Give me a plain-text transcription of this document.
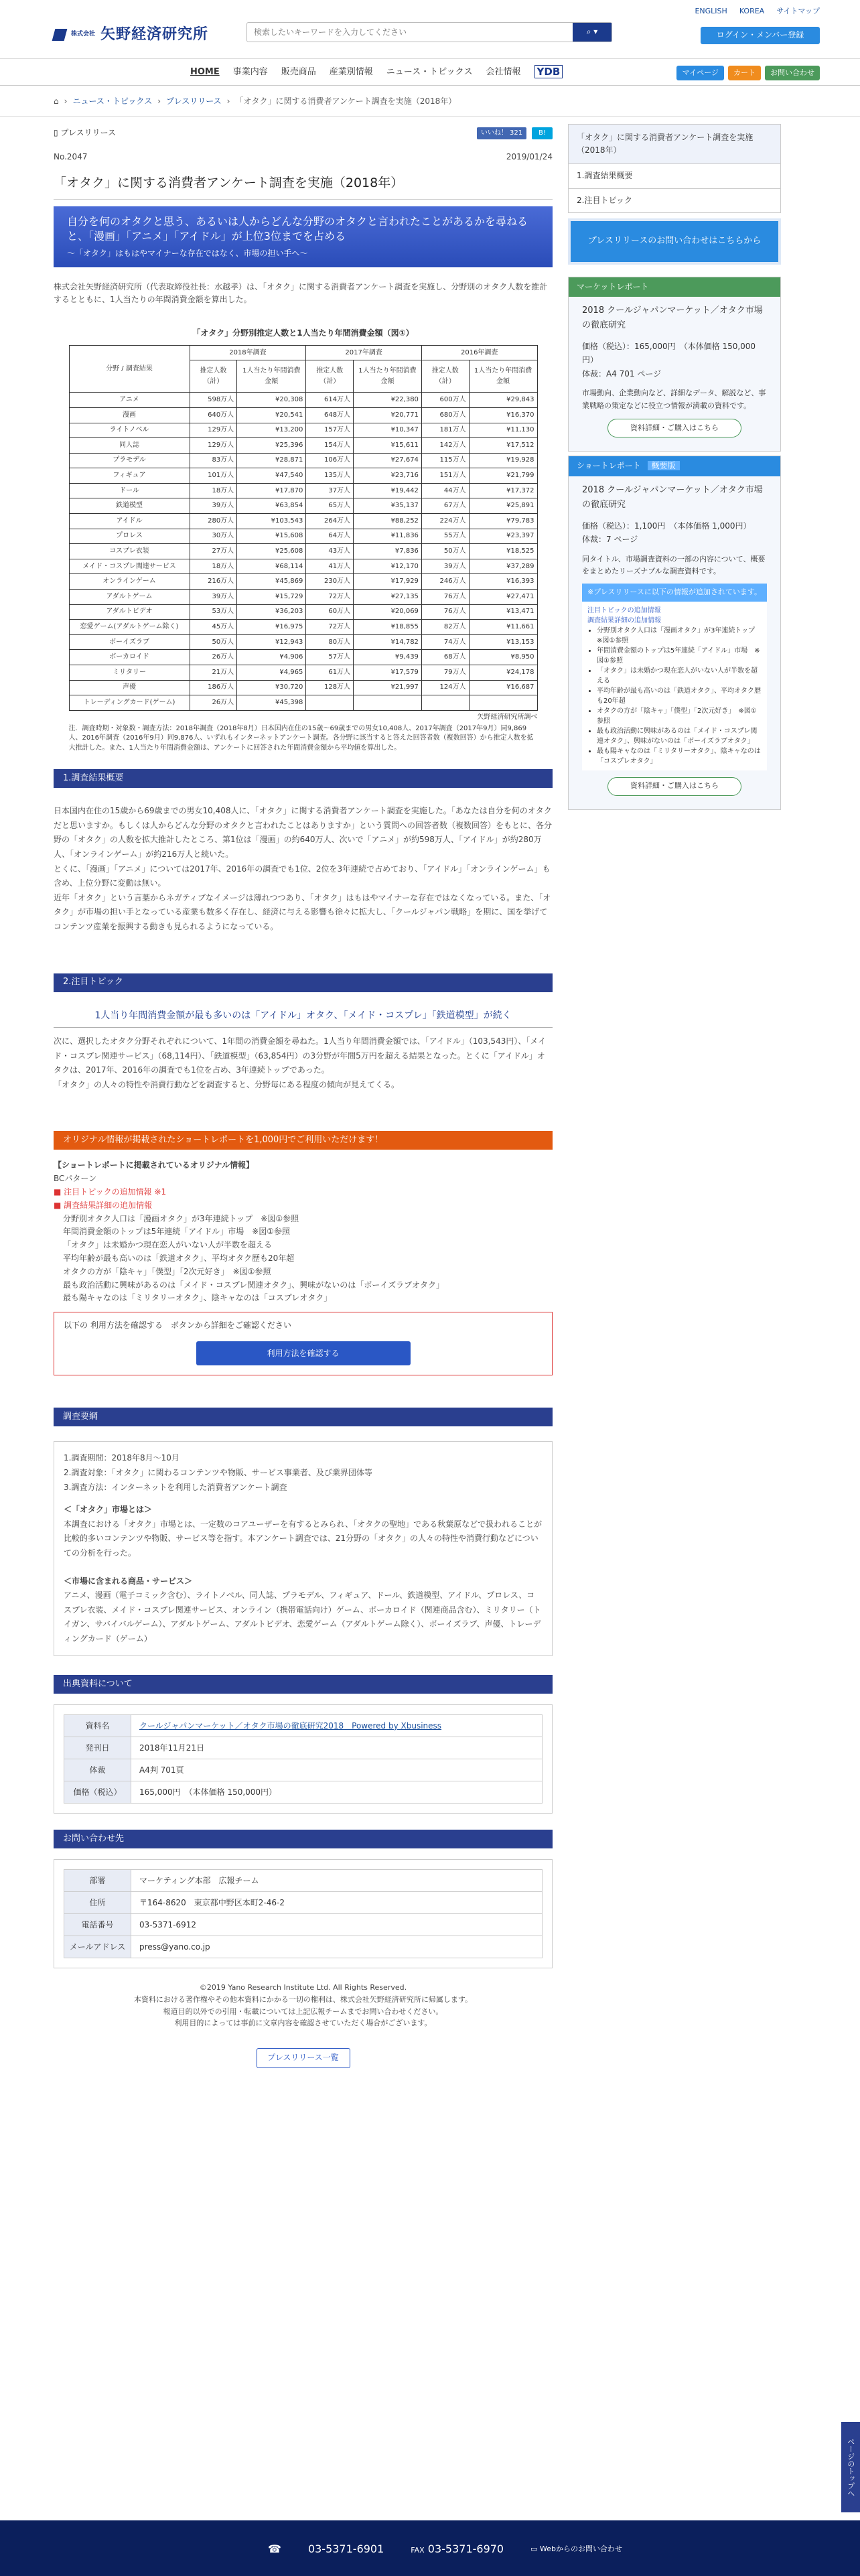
株式会社 矢野経済研究所
検索したいキーワードを入力してください	⌕ ▾
ENGLISH KOREA サイトマップ
ログイン・メンバー登録
HOME 事業内容 販売商品 産業別情報 ニュース・トピックス 会社情報 YDB	マイページ	カート	お問い合わせ
⌂ › ニュース・トピックス › プレスリリース › 「オタク」に関する消費者アンケート調査を実施（2018年）
▯ プレスリリース	いいね！ 321	B!
No.2047	2019/01/24
「オタク」に関する消費者アンケート調査を実施（2018年）
自分を何のオタクと思う、あるいは人からどんな分野のオタクと言われたことがあるかを尋ねると、「漫画」「アニメ」「アイドル」が上位3位までを占める
～「オタク」はもはやマイナーな存在ではなく、市場の担い手へ～

株式会社矢野経済研究所（代表取締役社長：水越孝）は、「オタク」に関する消費者アンケート調査を実施し、分野別のオタク人数を推計するとともに、1人当たりの年間消費金額を算出した。

「オタク」分野別推定人数と1人当たり年間消費金額（図①）
分野 / 調査結果	2018年調査		2017年調査		2016年調査	
	推定人数（計）	1人当たり年間消費金額	推定人数（計）	1人当たり年間消費金額	推定人数（計）	1人当たり年間消費金額
アニメ	598万人	¥20,308	614万人	¥22,380	600万人	¥29,843
漫画	640万人	¥20,541	648万人	¥20,771	680万人	¥16,370
ライトノベル	129万人	¥13,200	157万人	¥10,347	181万人	¥11,130
同人誌	129万人	¥25,396	154万人	¥15,611	142万人	¥17,512
プラモデル	83万人	¥28,871	106万人	¥27,674	115万人	¥19,928
フィギュア	101万人	¥47,540	135万人	¥23,716	151万人	¥21,799
ドール	18万人	¥17,870	37万人	¥19,442	44万人	¥17,372
鉄道模型	39万人	¥63,854	65万人	¥35,137	67万人	¥25,891
アイドル	280万人	¥103,543	264万人	¥88,252	224万人	¥79,783
プロレス	30万人	¥15,608	64万人	¥11,836	55万人	¥23,397
コスプレ衣装	27万人	¥25,608	43万人	¥7,836	50万人	¥18,525
メイド・コスプレ関連サービス	18万人	¥68,114	41万人	¥12,170	39万人	¥37,289
オンラインゲーム	216万人	¥45,869	230万人	¥17,929	246万人	¥16,393
アダルトゲーム	39万人	¥15,729	72万人	¥27,135	76万人	¥27,471
アダルトビデオ	53万人	¥36,203	60万人	¥20,069	76万人	¥13,471
恋愛ゲーム(アダルトゲーム除く)	45万人	¥16,975	72万人	¥18,855	82万人	¥11,661
ボーイズラブ	50万人	¥12,943	80万人	¥14,782	74万人	¥13,153
ボーカロイド	26万人	¥4,906	57万人	¥9,439	68万人	¥8,950
ミリタリー	21万人	¥4,965	61万人	¥17,579	79万人	¥24,178
声優	186万人	¥30,720	128万人	¥21,997	124万人	¥16,687
トレーディングカード(ゲーム)	26万人	¥45,398				
矢野経済研究所調べ
注．調査時期・対象数・調査方法：2018年調査（2018年8月）日本国内在住の15歳～69歳までの男女10,408人、2017年調査（2017年9月）同9,869人、2016年調査（2016年9月）同9,876人、いずれもインターネットアンケート調査。各分野に該当すると答えた回答者数（複数回答）から推定人数を拡大推計した。また、1人当たり年間消費金額は、アンケートに回答された年間消費金額から平均値を算出した。
1.調査結果概要

日本国内在住の15歳から69歳までの男女10,408人に、「オタク」に関する消費者アンケート調査を実施した。「あなたは自分を何のオタクだと思いますか。もしくは人からどんな分野のオタクと言われたことはありますか」という質問への回答者数（複数回答）をもとに、各分野の「オタク」の人数を拡大推計したところ、第1位は「漫画」の約640万人、次いで「アニメ」が約598万人、「アイドル」が約280万人、「オンラインゲーム」が約216万人と続いた。

とくに、「漫画」「アニメ」については2017年、2016年の調査でも1位、2位を3年連続で占めており、「アイドル」「オンラインゲーム」も含め、上位分野に変動は無い。

近年「オタク」という言葉からネガティブなイメージは薄れつつあり、「オタク」はもはやマイナーな存在ではなくなっている。また、「オタク」が市場の担い手となっている産業も数多く存在し、経済に与える影響も徐々に拡大し、「クールジャパン戦略」を期に、国を挙げてコンテンツ産業を振興する動きも見られるようになっている。

2.注目トピック
1人当り年間消費金額が最も多いのは「アイドル」オタク、「メイド・コスプレ」「鉄道模型」が続く

次に、選択したオタク分野それぞれについて、1年間の消費金額を尋ねた。1人当り年間消費金額では、「アイドル」（103,543円）、「メイド・コスプレ関連サービス」（68,114円）、「鉄道模型」（63,854円）の3分野が年間5万円を超える結果となった。とくに「アイドル」オタクは、2017年、2016年の調査でも1位を占め、3年連続トップであった。

「オタク」の人々の特性や消費行動などを調査すると、分野毎にある程度の傾向が見えてくる。

オリジナル情報が掲載されたショートレポートを1,000円でご利用いただけます！
【ショートレポートに掲載されているオリジナル情報】
BCパターン
■ 注目トピックの追加情報 ※1
■ 調査結果詳細の追加情報
分野別オタク人口は「漫画オタク」が3年連続トップ　※図①参照
年間消費金額のトップは5年連続「アイドル」市場　※図①参照
「オタク」は未婚かつ現在恋人がいない人が半数を超える
平均年齢が最も高いのは「鉄道オタク」、平均オタク歴も20年超
オタクの方が「陰キャ」「僕型」「2次元好き」　※図①参照
最も政治活動に興味があるのは「メイド・コスプレ関連オタク」、興味がないのは「ボーイズラブオタク」
最も陽キャなのは「ミリタリーオタク」、陰キャなのは「コスプレオタク」
以下の 利用方法を確認する　ボタンから詳細をご確認ください
利用方法を確認する
調査要綱
1.調査期間：2018年8月～10月
2.調査対象：「オタク」に関わるコンテンツや物販、サービス事業者、及び業界団体等
3.調査方法：インターネットを利用した消費者アンケート調査
＜「オタク」市場とは＞

本調査における「オタク」市場とは、一定数のコアユーザーを有するとみられ、「オタクの聖地」である秋葉原などで扱われることが比較的多いコンテンツや物販、サービス等を指す。本アンケート調査では、21分野の「オタク」の人々の特性や消費行動などについての分析を行った。

＜市場に含まれる商品・サービス＞

アニメ、漫画（電子コミック含む）、ライトノベル、同人誌、プラモデル、フィギュア、ドール、鉄道模型、アイドル、プロレス、コスプレ衣装、メイド・コスプレ関連サービス、オンライン（携帯電話向け）ゲーム、ボーカロイド（関連商品含む）、ミリタリー（トイガン、サバイバルゲーム）、アダルトゲーム、アダルトビデオ、恋愛ゲーム（アダルトゲーム除く）、ボーイズラブ、声優、トレーディングカード（ゲーム）

出典資料について
資料名	クールジャパンマーケット／オタク市場の徹底研究2018　Powered by Xbusiness
発刊日	2018年11月21日
体裁	A4判 701頁
価格（税込）	165,000円　（本体価格 150,000円）
お問い合わせ先
部署	マーケティング本部　広報チーム
住所	〒164-8620　東京都中野区本町2-46-2
電話番号	03-5371-6912
メールアドレス	press@yano.co.jp
©2019 Yano Research Institute Ltd. All Rights Reserved.
本資料における著作権やその他本資料にかかる一切の権利は、株式会社矢野経済研究所に帰属します。
報道目的以外での引用・転載については上記広報チームまでお問い合わせください。
利用目的によっては事前に文章内容を確認させていただく場合がございます。
プレスリリース一覧
「オタク」に関する消費者アンケート調査を実施（2018年）
1.調査結果概要
2.注目トピック
プレスリリースのお問い合わせはこちらから
マーケットレポート
2018 クールジャパンマーケット／オタク市場の徹底研究
価格（税込）：165,000円　（本体価格 150,000円）
体裁：A4 701 ページ
市場動向、企業動向など、詳細なデータ、解説など、事業戦略の策定などに役立つ情報が満載の資料です。
資料詳細・ご購入はこちら
ショートレポート 概要版
2018 クールジャパンマーケット／オタク市場の徹底研究
価格（税込）：1,100円　（本体価格 1,000円）
体裁：7 ページ
同タイトル、市場調査資料の一部の内容について、概要をまとめたリーズナブルな調査資料です。
※プレスリリースに以下の情報が追加されています。
注目トピックの追加情報
調査結果詳細の追加情報
• 分野別オタク人口は「漫画オタク」が3年連続トップ　※図①参照
• 年間消費金額のトップは5年連続「アイドル」市場　※図①参照
• 「オタク」は未婚かつ現在恋人がいない人が半数を超える
• 平均年齢が最も高いのは「鉄道オタク」、平均オタク歴も20年超
• オタクの方が「陰キャ」「僕型」「2次元好き」　※図①参照
• 最も政治活動に興味があるのは「メイド・コスプレ関連オタク」、興味がないのは「ボーイズラブオタク」
• 最も陽キャなのは「ミリタリーオタク」、陰キャなのは「コスプレオタク」
資料詳細・ご購入はこちら
ページのトップへ
☎	03-5371-6901	FAX 03-5371-6970	▭ Webからのお問い合わせ
